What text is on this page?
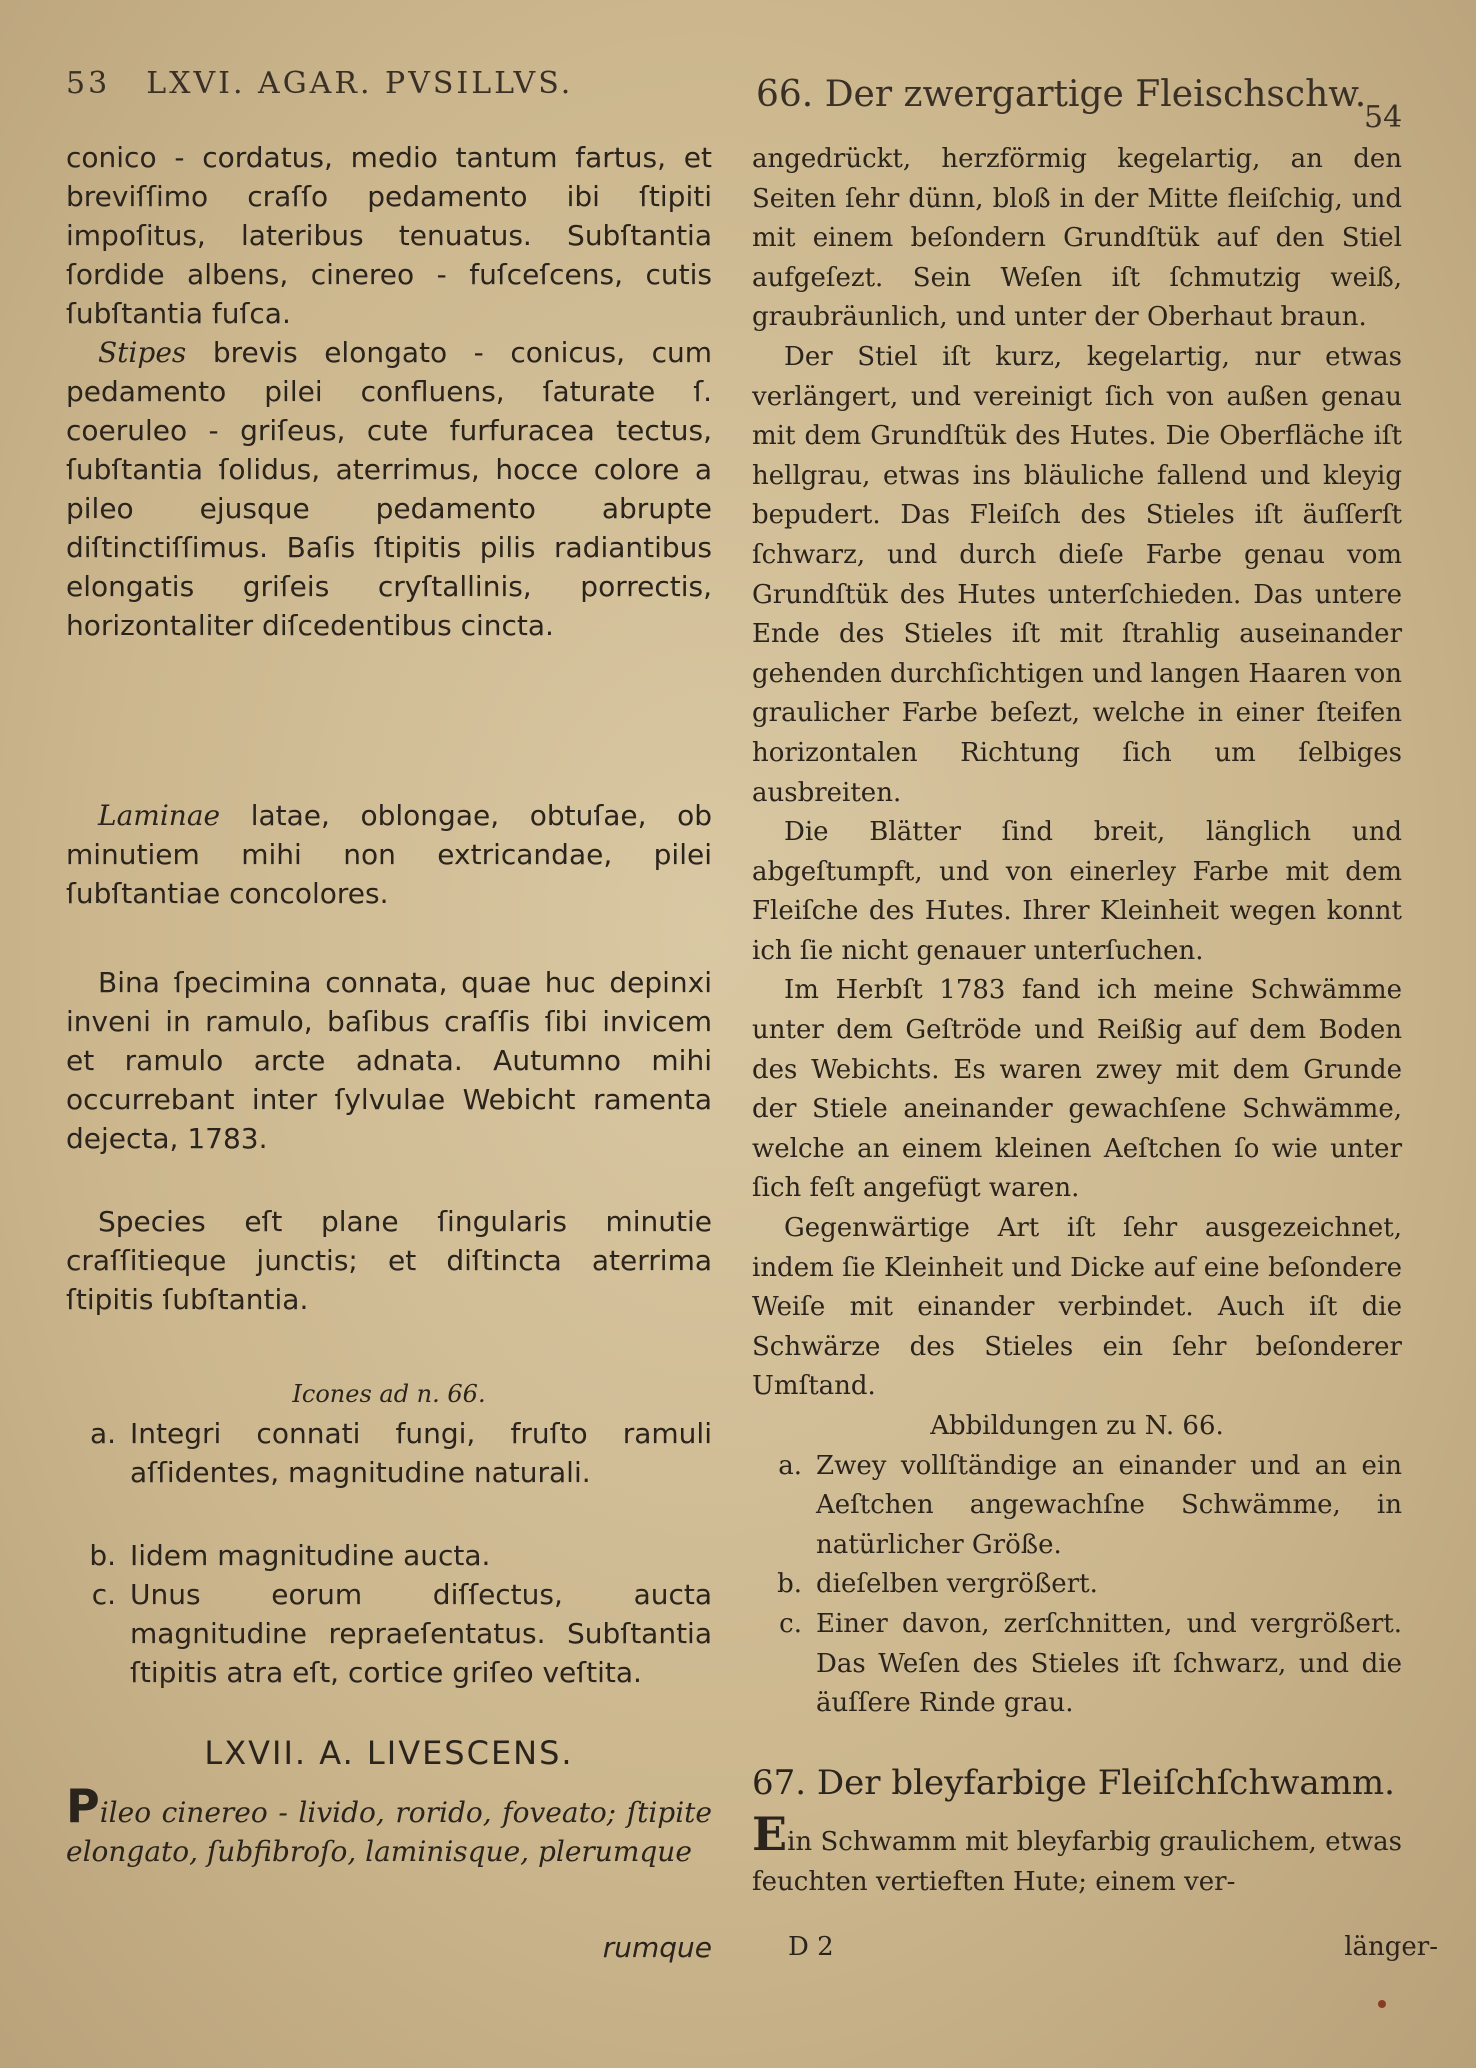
53 LXVI. AGAR. PVSILLVS.	66. Der zwergartige Fleischschw.
54

conico - cordatus, medio tantum fartus, et breviſſimo craſſo pedamento ibi ſtipiti impoſitus, lateribus tenuatus. Subſtantia ſordide albens, cinereo - fuſceſcens, cutis ſubſtantia fuſca.

Stipes brevis elongato - conicus, cum pedamento pilei confluens, ſaturate ſ. coeruleo - griſeus, cute furfuracea tectus, ſubſtantia ſolidus, aterrimus, hocce colore a pileo ejusque pedamento abrupte diſtinctiſſimus. Baſis ſtipitis pilis radiantibus elongatis griſeis cryſtallinis, porrectis, horizontaliter diſcedentibus cincta.

Laminae latae, oblongae, obtuſae, ob minutiem mihi non extricandae, pilei ſubſtantiae concolores.

Bina ſpecimina connata, quae huc depinxi inveni in ramulo, baſibus craſſis ſibi invicem et ramulo arcte adnata. Autumno mihi occurrebant inter ſylvulae Webicht ramenta dejecta, 1783.

Species eſt plane ſingularis minutie craſſitieque junctis; et diſtincta aterrima ſtipitis ſubſtantia.

Icones ad n. 66.

a. Integri connati fungi, fruſto ramuli aſſidentes, magnitudine naturali.
b. Iidem magnitudine aucta.
c. Unus eorum diſſectus, aucta magnitudine repraeſentatus. Subſtantia ſtipitis atra eſt, cortice griſeo veſtita.

LXVII. A. LIVESCENS.

Pileo cinereo - livido, rorido, foveato; ſtipite elongato, ſubfibroſo, laminisque, plerumque

angedrückt, herzförmig kegelartig, an den Seiten ſehr dünn, bloß in der Mitte fleiſchig, und mit einem beſondern Grundſtük auf den Stiel aufgeſezt. Sein Weſen iſt ſchmutzig weiß, graubräunlich, und unter der Oberhaut braun.

Der Stiel iſt kurz, kegelartig, nur etwas verlängert, und vereinigt ſich von außen genau mit dem Grundſtük des Hutes. Die Oberfläche iſt hellgrau, etwas ins bläuliche fallend und kleyig bepudert. Das Fleiſch des Stieles iſt äuſſerſt ſchwarz, und durch dieſe Farbe genau vom Grundſtük des Hutes unterſchieden. Das untere Ende des Stieles iſt mit ſtrahlig auseinander gehenden durchſichtigen und langen Haaren von graulicher Farbe beſezt, welche in einer ſteifen horizontalen Richtung ſich um ſelbiges ausbreiten.

Die Blätter ſind breit, länglich und abgeſtumpft, und von einerley Farbe mit dem Fleiſche des Hutes. Ihrer Kleinheit wegen konnt ich ſie nicht genauer unterſuchen.

Im Herbſt 1783 fand ich meine Schwämme unter dem Geſtröde und Reißig auf dem Boden des Webichts. Es waren zwey mit dem Grunde der Stiele aneinander gewachſene Schwämme, welche an einem kleinen Aeſtchen ſo wie unter ſich feſt angefügt waren.

Gegenwärtige Art iſt ſehr ausgezeichnet, indem ſie Kleinheit und Dicke auf eine beſondere Weiſe mit einander verbindet. Auch iſt die Schwärze des Stieles ein ſehr beſonderer Umſtand.

Abbildungen zu N. 66.

a. Zwey vollſtändige an einander und an ein Aeſtchen angewachſne Schwämme, in natürlicher Größe.
b. dieſelben vergrößert.
c. Einer davon, zerſchnitten, und vergrößert. Das Weſen des Stieles iſt ſchwarz, und die äuſſere Rinde grau.

67. Der bleyfarbige Fleiſchſchwamm.

Ein Schwamm mit bleyfarbig graulichem, etwas feuchten vertieften Hute; einem ver-

rumque	D 2	länger-
